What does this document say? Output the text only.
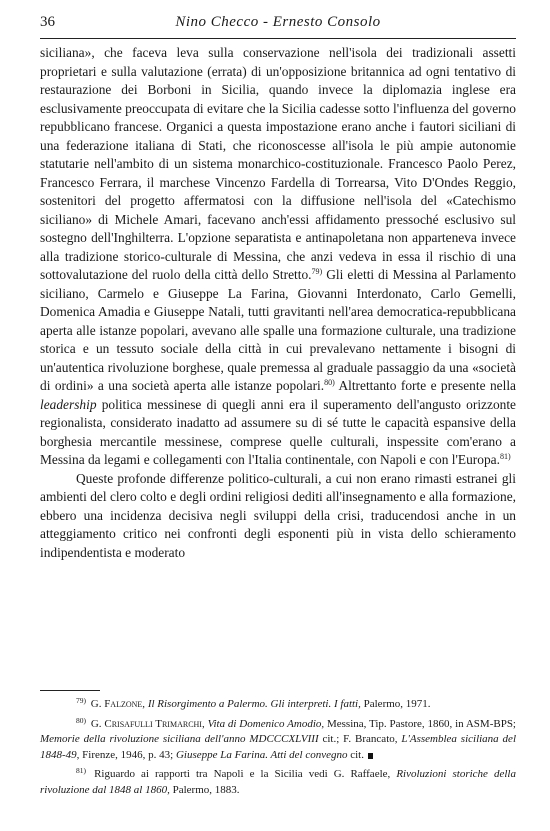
36	Nino Checco - Ernesto Consolo

siciliana», che faceva leva sulla conservazione nell'isola dei tradizionali assetti proprietari e sulla valutazione (errata) di un'opposizione britannica ad ogni tentativo di restaurazione dei Borboni in Sicilia, quando invece la diplomazia inglese era esclusivamente preoccupata di evitare che la Sicilia cadesse sotto l'influenza del governo repubblicano francese. Organici a questa impostazione erano anche i fautori siciliani di una federazione italiana di Stati, che riconoscesse all'isola le più ampie autonomie statutarie nell'ambito di un sistema monarchico-costituzionale. Francesco Paolo Perez, Francesco Ferrara, il marchese Vincenzo Fardella di Torrearsa, Vito D'Ondes Reggio, sostenitori del progetto affermatosi con la diffusione nell'isola del «Catechismo siciliano» di Michele Amari, facevano anch'essi affidamento pressoché esclusivo sul sostegno dell'Inghilterra. L'opzione separatista e antinapoletana non apparteneva invece alla tradizione storico-culturale di Messina, che anzi vedeva in essa il rischio di una sottovalutazione del ruolo della città dello Stretto.$^{79)}$ Gli eletti di Messina al Parlamento siciliano, Carmelo e Giuseppe La Farina, Giovanni Interdonato, Carlo Gemelli, Domenica Amadia e Giuseppe Natali, tutti gravitanti nell'area democratica-repubblicana aperta alle istanze popolari, avevano alle spalle una formazione culturale, una tradizione storica e un tessuto sociale della città in cui prevalevano nettamente i bisogni di un'autentica rivoluzione borghese, quale premessa al graduale passaggio da una «società di ordini» a una società aperta alle istanze popolari.$^{80)}$ Altrettanto forte e presente nella leadership politica messinese di quegli anni era il superamento dell'angusto orizzonte regionalista, considerato inadatto ad assumere su di sé tutte le capacità espansive della borghesia mercantile messinese, comprese quelle culturali, inspessite com'erano a Messina da legami e collegamenti con l'Italia continentale, con Napoli e con l'Europa.$^{81)}$

Queste profonde differenze politico-culturali, a cui non erano rimasti estranei gli ambienti del clero colto e degli ordini religiosi dediti all'insegnamento e alla formazione, ebbero una incidenza decisiva negli sviluppi della crisi, traducendosi anche in un atteggiamento critico nei confronti degli esponenti più in vista dello schieramento indipendentista e moderato

$^{79)}$ G. Falzone, Il Risorgimento a Palermo. Gli interpreti. I fatti, Palermo, 1971.

$^{80)}$ G. Crisafulli Trimarchi, Vita di Domenico Amodio, Messina, Tip. Pastore, 1860, in ASM-BPS; Memorie della rivoluzione siciliana dell'anno MDCCCXLVIII cit.; F. Brancato, L'Assemblea siciliana del 1848-49, Firenze, 1946, p. 43; Giuseppe La Farina. Atti del convegno cit.

$^{81)}$ Riguardo ai rapporti tra Napoli e la Sicilia vedi G. Raffaele, Rivoluzioni storiche della rivoluzione dal 1848 al 1860, Palermo, 1883.
